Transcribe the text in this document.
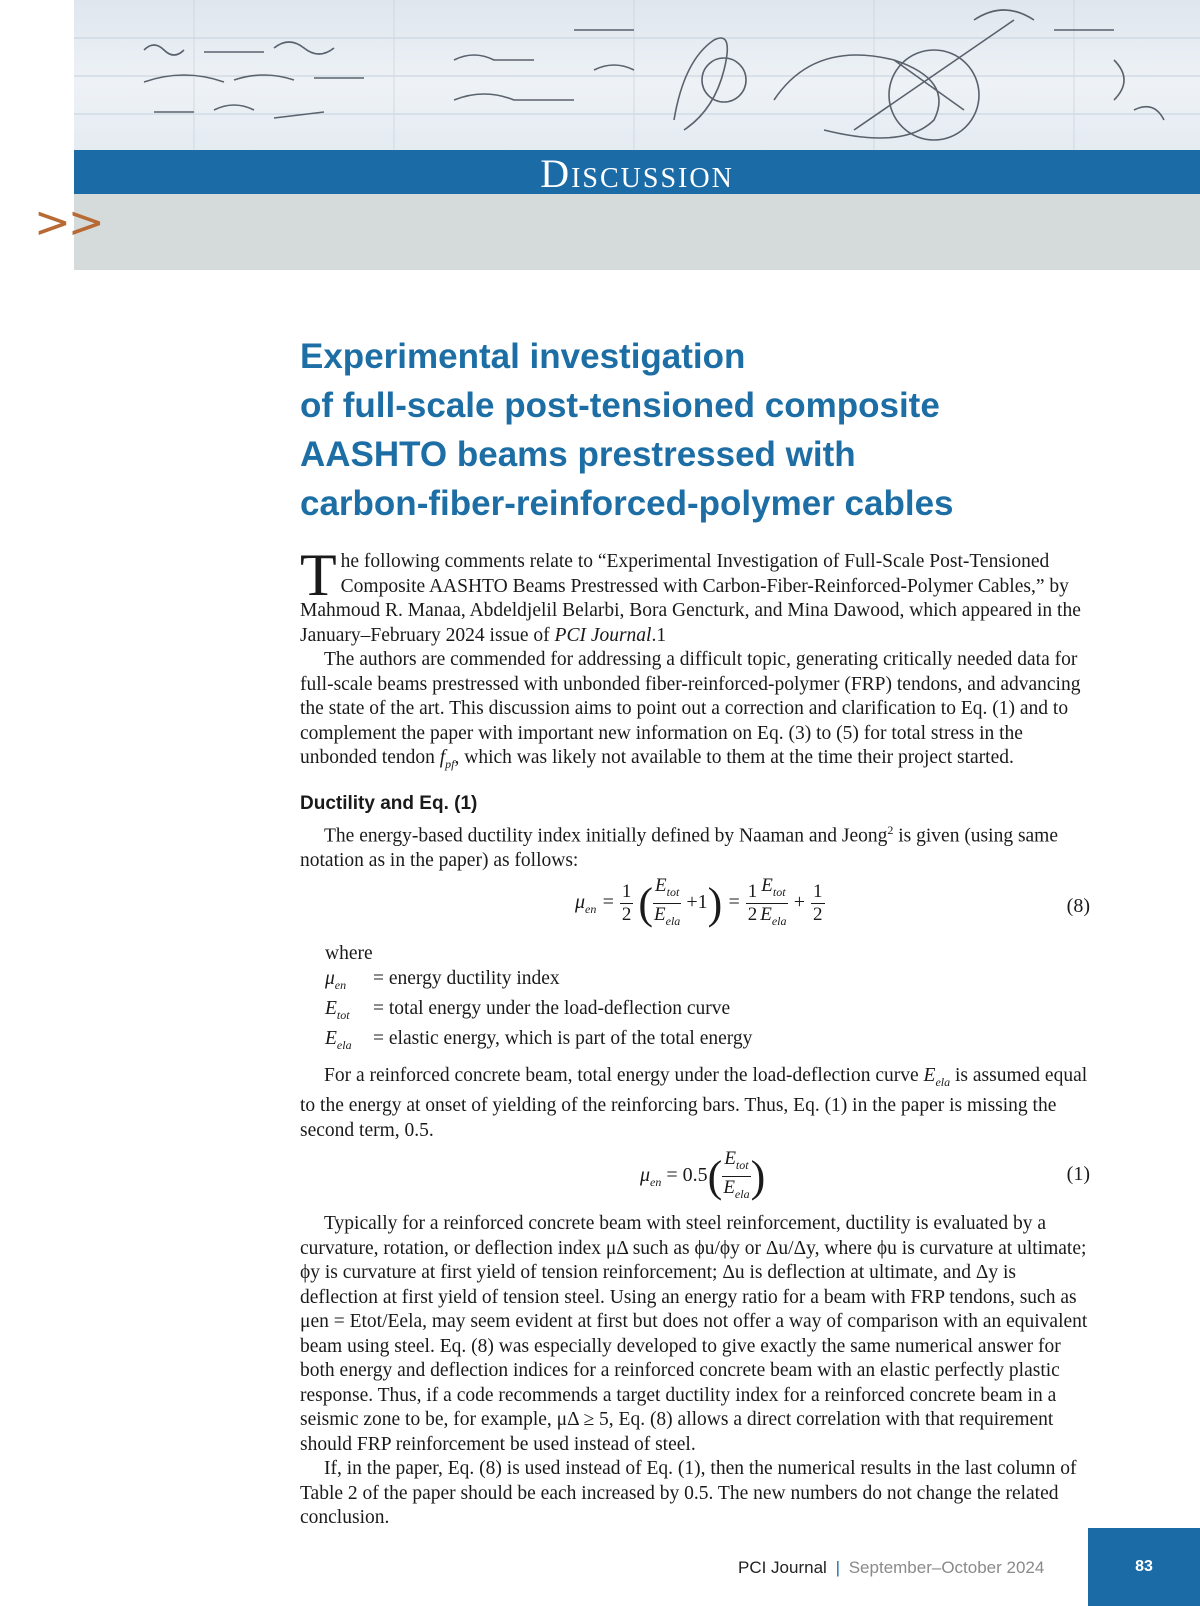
Discussion
>>
Experimental investigation
of full-scale post-tensioned composite
AASHTO beams prestressed with
carbon-fiber-reinforced-polymer cables

The following comments relate to “Experimental Investigation of Full-Scale Post-Tensioned Composite AASHTO Beams Prestressed with Carbon-Fiber-Reinforced-Polymer Cables,” by Mahmoud R. Manaa, Abdeldjelil Belarbi, Bora Gencturk, and Mina Dawood, which appeared in the January–February 2024 issue of PCI Journal.1

The authors are commended for addressing a difficult topic, generating critically needed data for full-scale beams prestressed with unbonded fiber-reinforced-polymer (FRP) tendons, and advancing the state of the art. This discussion aims to point out a correction and clarification to Eq. (1) and to complement the paper with important new information on Eq. (3) to (5) for total stress in the unbonded tendon $f_{pf}$, which was likely not available to them at the time their project started.

Ductility and Eq. (1)

The energy-based ductility index initially defined by Naaman and Jeong$^2$ is given (using same notation as in the paper) as follows:

$\mu_{en} = \frac{1}{2}$ ( $\frac{E_{tot}}{E_{ela}} +1) = \frac{1}{2} \frac{E_{tot}}{E_{ela}} + \frac{1}{2}$	(8)
where
$\mu_{en}$	= energy ductility index
$E_{tot}$	= total energy under the load-deflection curve
$E_{ela}$	= elastic energy, which is part of the total energy

For a reinforced concrete beam, total energy under the load-deflection curve $E_{ela}$ is assumed equal to the energy at onset of yielding of the reinforcing bars. Thus, Eq. (1) in the paper is missing the second term, 0.5.

$\mu_{en} = 0.5( \frac{E_{tot}}{E_{ela}}$ )	(1)

Typically for a reinforced concrete beam with steel reinforcement, ductility is evaluated by a curvature, rotation, or deflection index μΔ such as ϕu/ϕy or Δu/Δy, where ϕu is curvature at ultimate; ϕy is curvature at first yield of tension reinforcement; Δu is deflection at ultimate, and Δy is deflection at first yield of tension steel. Using an energy ratio for a beam with FRP tendons, such as μen = Etot/Eela, may seem evident at first but does not offer a way of comparison with an equivalent beam using steel. Eq. (8) was especially developed to give exactly the same numerical answer for both energy and deflection indices for a reinforced concrete beam with an elastic perfectly plastic response. Thus, if a code recommends a target ductility index for a reinforced concrete beam in a seismic zone to be, for example, μΔ ≥ 5, Eq. (8) allows a direct correlation with that requirement should FRP reinforcement be used instead of steel.

If, in the paper, Eq. (8) is used instead of Eq. (1), then the numerical results in the last column of Table 2 of the paper should be each increased by 0.5. The new numbers do not change the related conclusion.

PCI Journal | September–October 2024	83
